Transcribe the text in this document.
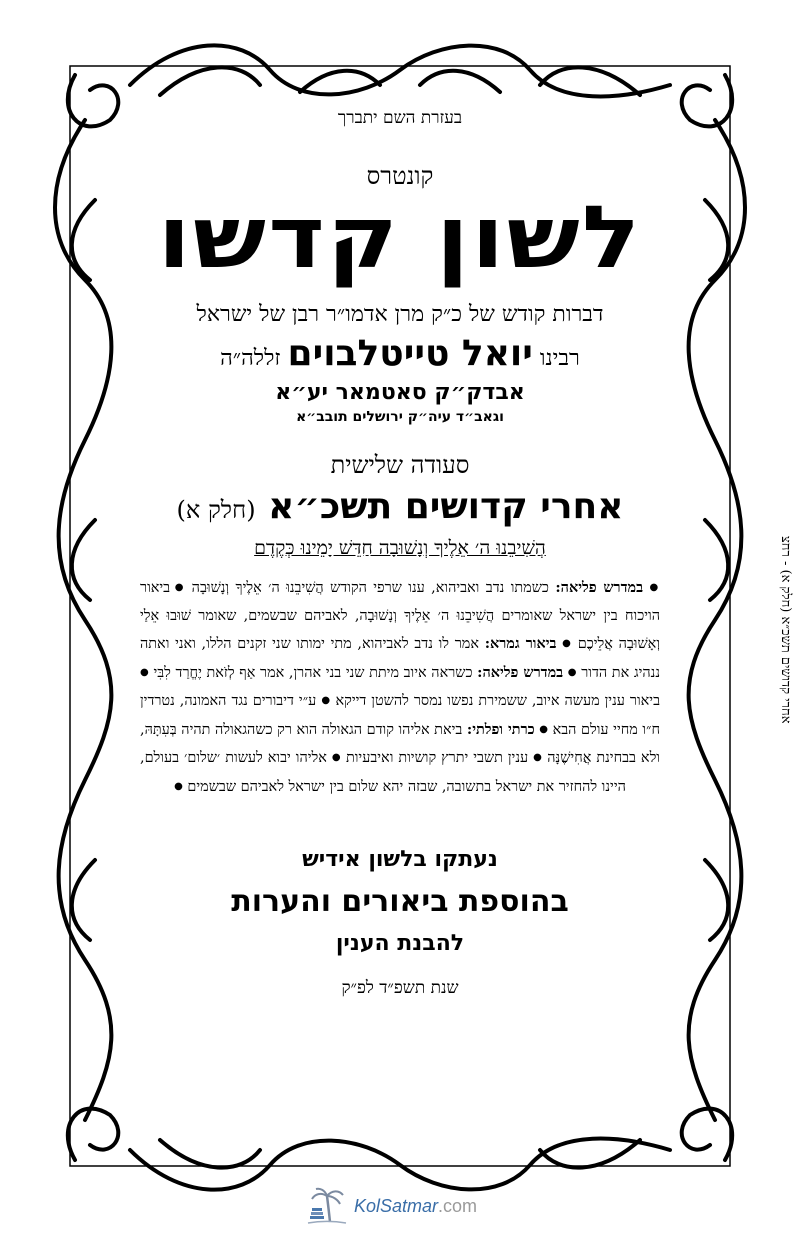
בעזרת השם יתברך

קונטרס

לשון קדשו

דברות קודש של כ״ק מרן אדמו״ר רבן של ישראל

רבינו יואל טייטלבוים זללה״ה

אבדק״ק סאטמאר יע״א

וגאב״ד עיה״ק ירושלים תובב״א

סעודה שלישית

אחרי קדושים תשכ״א (חלק א)

הֲשִׁיבֵנוּ ה׳ אֵלֶיךָ וְנָשׁוּבָה חַדֵּשׁ יָמֵינוּ כְּקֶדֶם

● במדרש פליאה: כשמתו נדב ואביהוא, ענו שרפי הקודש הֲשִׁיבֵנוּ ה׳ אֵלֶיךָ וְנָשׁוּבָה ● ביאור הויכוח בין ישראל שאומרים הֲשִׁיבֵנוּ ה׳ אֵלֶיךָ וְנָשׁוּבָה, לאביהם שבשמים, שאומר שׁוּבוּ אֵלַי וְאָשׁוּבָה אֲלֵיכֶם ● ביאור גמרא: אמר לו נדב לאביהוא, מתי ימותו שני זקנים הללו, ואני ואתה ננהיג את הדור ● במדרש פליאה: כשראה איוב מיתת שני בני אהרן, אמר אַף לְזֹאת יֶחֱרַד לִבִּי ● ביאור ענין מעשה איוב, ששמירת נפשו נמסר להשטן דייקא ● ע״י דיבורים נגד האמונה, נטרדין ח״ו מחיי עולם הבא ● כרתי ופלתי: ביאת אליהו קודם הגאולה הוא רק כשהגאולה תהיה בְּעִתָּהּ, ולא בבחינת אֲחִישֶׁנָּה ● ענין תשבי יתרץ קושיות ואיבעיות ● אליהו יבוא לעשות ׳שלום׳ בעולם, היינו להחזיר את ישראל בתשובה, שבזה יהא שלום בין ישראל לאביהם שבשמים ●

נעתקו בלשון אידיש

בהוספת ביאורים והערות

להבנת הענין

שנת תשפ״ד לפ״ק

אחרי קדושים תשכ״א (חלק א) - רחצ
KolSatmar .com
